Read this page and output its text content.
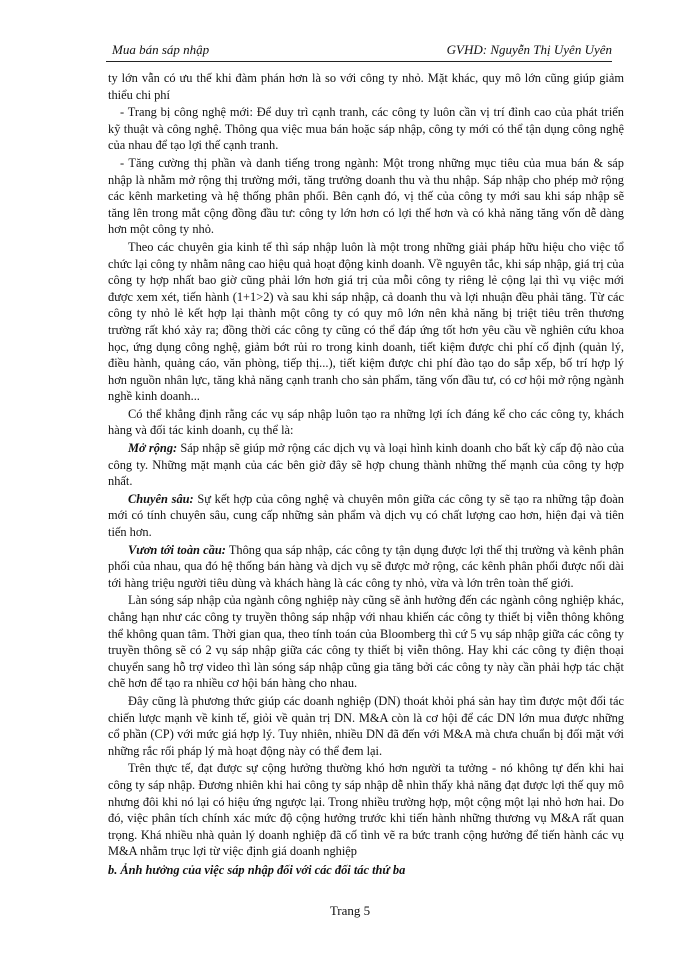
Mua bán sáp nhập	GVHD: Nguyễn Thị Uyên Uyên

ty lớn vẫn có ưu thế khi đàm phán hơn là so với công ty nhỏ. Mặt khác, quy mô lớn cũng giúp giảm thiểu chi phí

- Trang bị công nghệ mới: Để duy trì cạnh tranh, các công ty luôn cần vị trí đỉnh cao của phát triển kỹ thuật và công nghệ. Thông qua việc mua bán hoặc sáp nhập, công ty mới có thể tận dụng công nghệ của nhau để tạo lợi thế cạnh tranh.

- Tăng cường thị phần và danh tiếng trong ngành: Một trong những mục tiêu của mua bán & sáp nhập là nhằm mở rộng thị trường mới, tăng trưởng doanh thu và thu nhập. Sáp nhập cho phép mở rộng các kênh marketing và hệ thống phân phối. Bên cạnh đó, vị thế của công ty mới sau khi sáp nhập sẽ tăng lên trong mắt cộng đồng đầu tư: công ty lớn hơn có lợi thế hơn và có khả năng tăng vốn dễ dàng hơn một công ty nhỏ.

Theo các chuyên gia kinh tế thì sáp nhập luôn là một trong những giải pháp hữu hiệu cho việc tổ chức lại công ty nhằm nâng cao hiệu quả hoạt động kinh doanh. Về nguyên tắc, khi sáp nhập, giá trị của công ty hợp nhất bao giờ cũng phải lớn hơn giá trị của mỗi công ty riêng lẻ cộng lại thì vụ việc mới được xem xét, tiến hành (1+1>2) và sau khi sáp nhập, cả doanh thu và lợi nhuận đều phải tăng. Từ các công ty nhỏ lẻ kết hợp lại thành một công ty có quy mô lớn nên khả năng bị triệt tiêu trên thương trường rất khó xảy ra; đồng thời các công ty cũng có thể đáp ứng tốt hơn yêu cầu về nghiên cứu khoa học, ứng dụng công nghệ, giảm bớt rủi ro trong kinh doanh, tiết kiệm được chi phí cố định (quản lý, điều hành, quảng cáo, văn phòng, tiếp thị...), tiết kiệm được chi phí đào tạo do sắp xếp, bố trí hợp lý hơn nguồn nhân lực, tăng khả năng cạnh tranh cho sản phẩm, tăng vốn đầu tư, có cơ hội mở rộng ngành nghề kinh doanh...

Có thể khẳng định rằng các vụ sáp nhập luôn tạo ra những lợi ích đáng kể cho các công ty, khách hàng và đối tác kinh doanh, cụ thể là:

Mở rộng: Sáp nhập sẽ giúp mở rộng các dịch vụ và loại hình kinh doanh cho bất kỳ cấp độ nào của công ty. Những mặt mạnh của các bên giờ đây sẽ hợp chung thành những thế mạnh của công ty hợp nhất.

Chuyên sâu: Sự kết hợp của công nghệ và chuyên môn giữa các công ty sẽ tạo ra những tập đoàn mới có tính chuyên sâu, cung cấp những sản phẩm và dịch vụ có chất lượng cao hơn, hiện đại và tiên tiến hơn.

Vươn tới toàn cầu: Thông qua sáp nhập, các công ty tận dụng được lợi thế thị trường và kênh phân phối của nhau, qua đó hệ thống bán hàng và dịch vụ sẽ được mở rộng, các kênh phân phối được nối dài tới hàng triệu người tiêu dùng và khách hàng là các công ty nhỏ, vừa và lớn trên toàn thế giới.

Làn sóng sáp nhập của ngành công nghiệp này cũng sẽ ảnh hưởng đến các ngành công nghiệp khác, chẳng hạn như các công ty truyền thông sáp nhập với nhau khiến các công ty thiết bị viễn thông không thể không quan tâm. Thời gian qua, theo tính toán của Bloomberg thì cứ 5 vụ sáp nhập giữa các công ty truyền thông sẽ có 2 vụ sáp nhập giữa các công ty thiết bị viễn thông. Hay khi các công ty điện thoại chuyển sang hỗ trợ video thì làn sóng sáp nhập cũng gia tăng bởi các công ty này cần phải hợp tác chặt chẽ hơn để tạo ra nhiều cơ hội bán hàng cho nhau.

Đây cũng là phương thức giúp các doanh nghiệp (DN) thoát khỏi phá sản hay tìm được một đối tác chiến lược mạnh về kinh tế, giỏi về quản trị DN. M&A còn là cơ hội để các DN lớn mua được những cổ phần (CP) với mức giá hợp lý. Tuy nhiên, nhiều DN đã đến với M&A mà chưa chuẩn bị đối mặt với những rắc rối pháp lý mà hoạt động này có thể đem lại.

Trên thực tế, đạt được sự cộng hưởng thường khó hơn người ta tưởng - nó không tự đến khi hai công ty sáp nhập. Đương nhiên khi hai công ty sáp nhập dễ nhìn thấy khả năng đạt được lợi thế quy mô nhưng đôi khi nó lại có hiệu ứng ngược lại. Trong nhiều trường hợp, một cộng một lại nhỏ hơn hai. Do đó, việc phân tích chính xác mức độ cộng hưởng trước khi tiến hành những thương vụ M&A rất quan trọng. Khá nhiều nhà quản lý doanh nghiệp đã cố tình vẽ ra bức tranh cộng hưởng để tiến hành các vụ M&A nhằm trục lợi từ việc định giá doanh nghiệp

b. Ảnh hưởng của việc sáp nhập đối với các đối tác thứ ba

Trang 5
